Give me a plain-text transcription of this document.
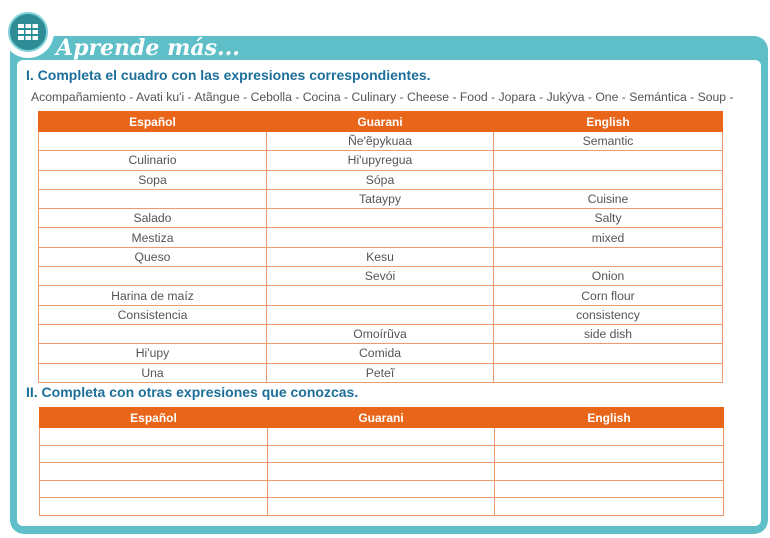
Aprende más...
I. Completa el cuadro con las expresiones correspondientes.
Acompañamiento - Avati ku'i - Atãngue - Cebolla - Cocina - Culinary - Cheese - Food - Jopara - Jukýva - One - Semántica - Soup -
Español	Guarani	English
	Ñe'ẽpykuaa	Semantic
Culinario	Hi'upyregua	
Sopa	Sópa	
	Tataypy	Cuisine
Salado		Salty
Mestiza		mixed
Queso	Kesu	
	Sevói	Onion
Harina de maíz		Corn flour
Consistencia		consistency
	Omoírũva	side dish
Hi'upy	Comida	
Una	Peteĩ	
II. Completa con otras expresiones que conozcas.
Español	Guarani	English
